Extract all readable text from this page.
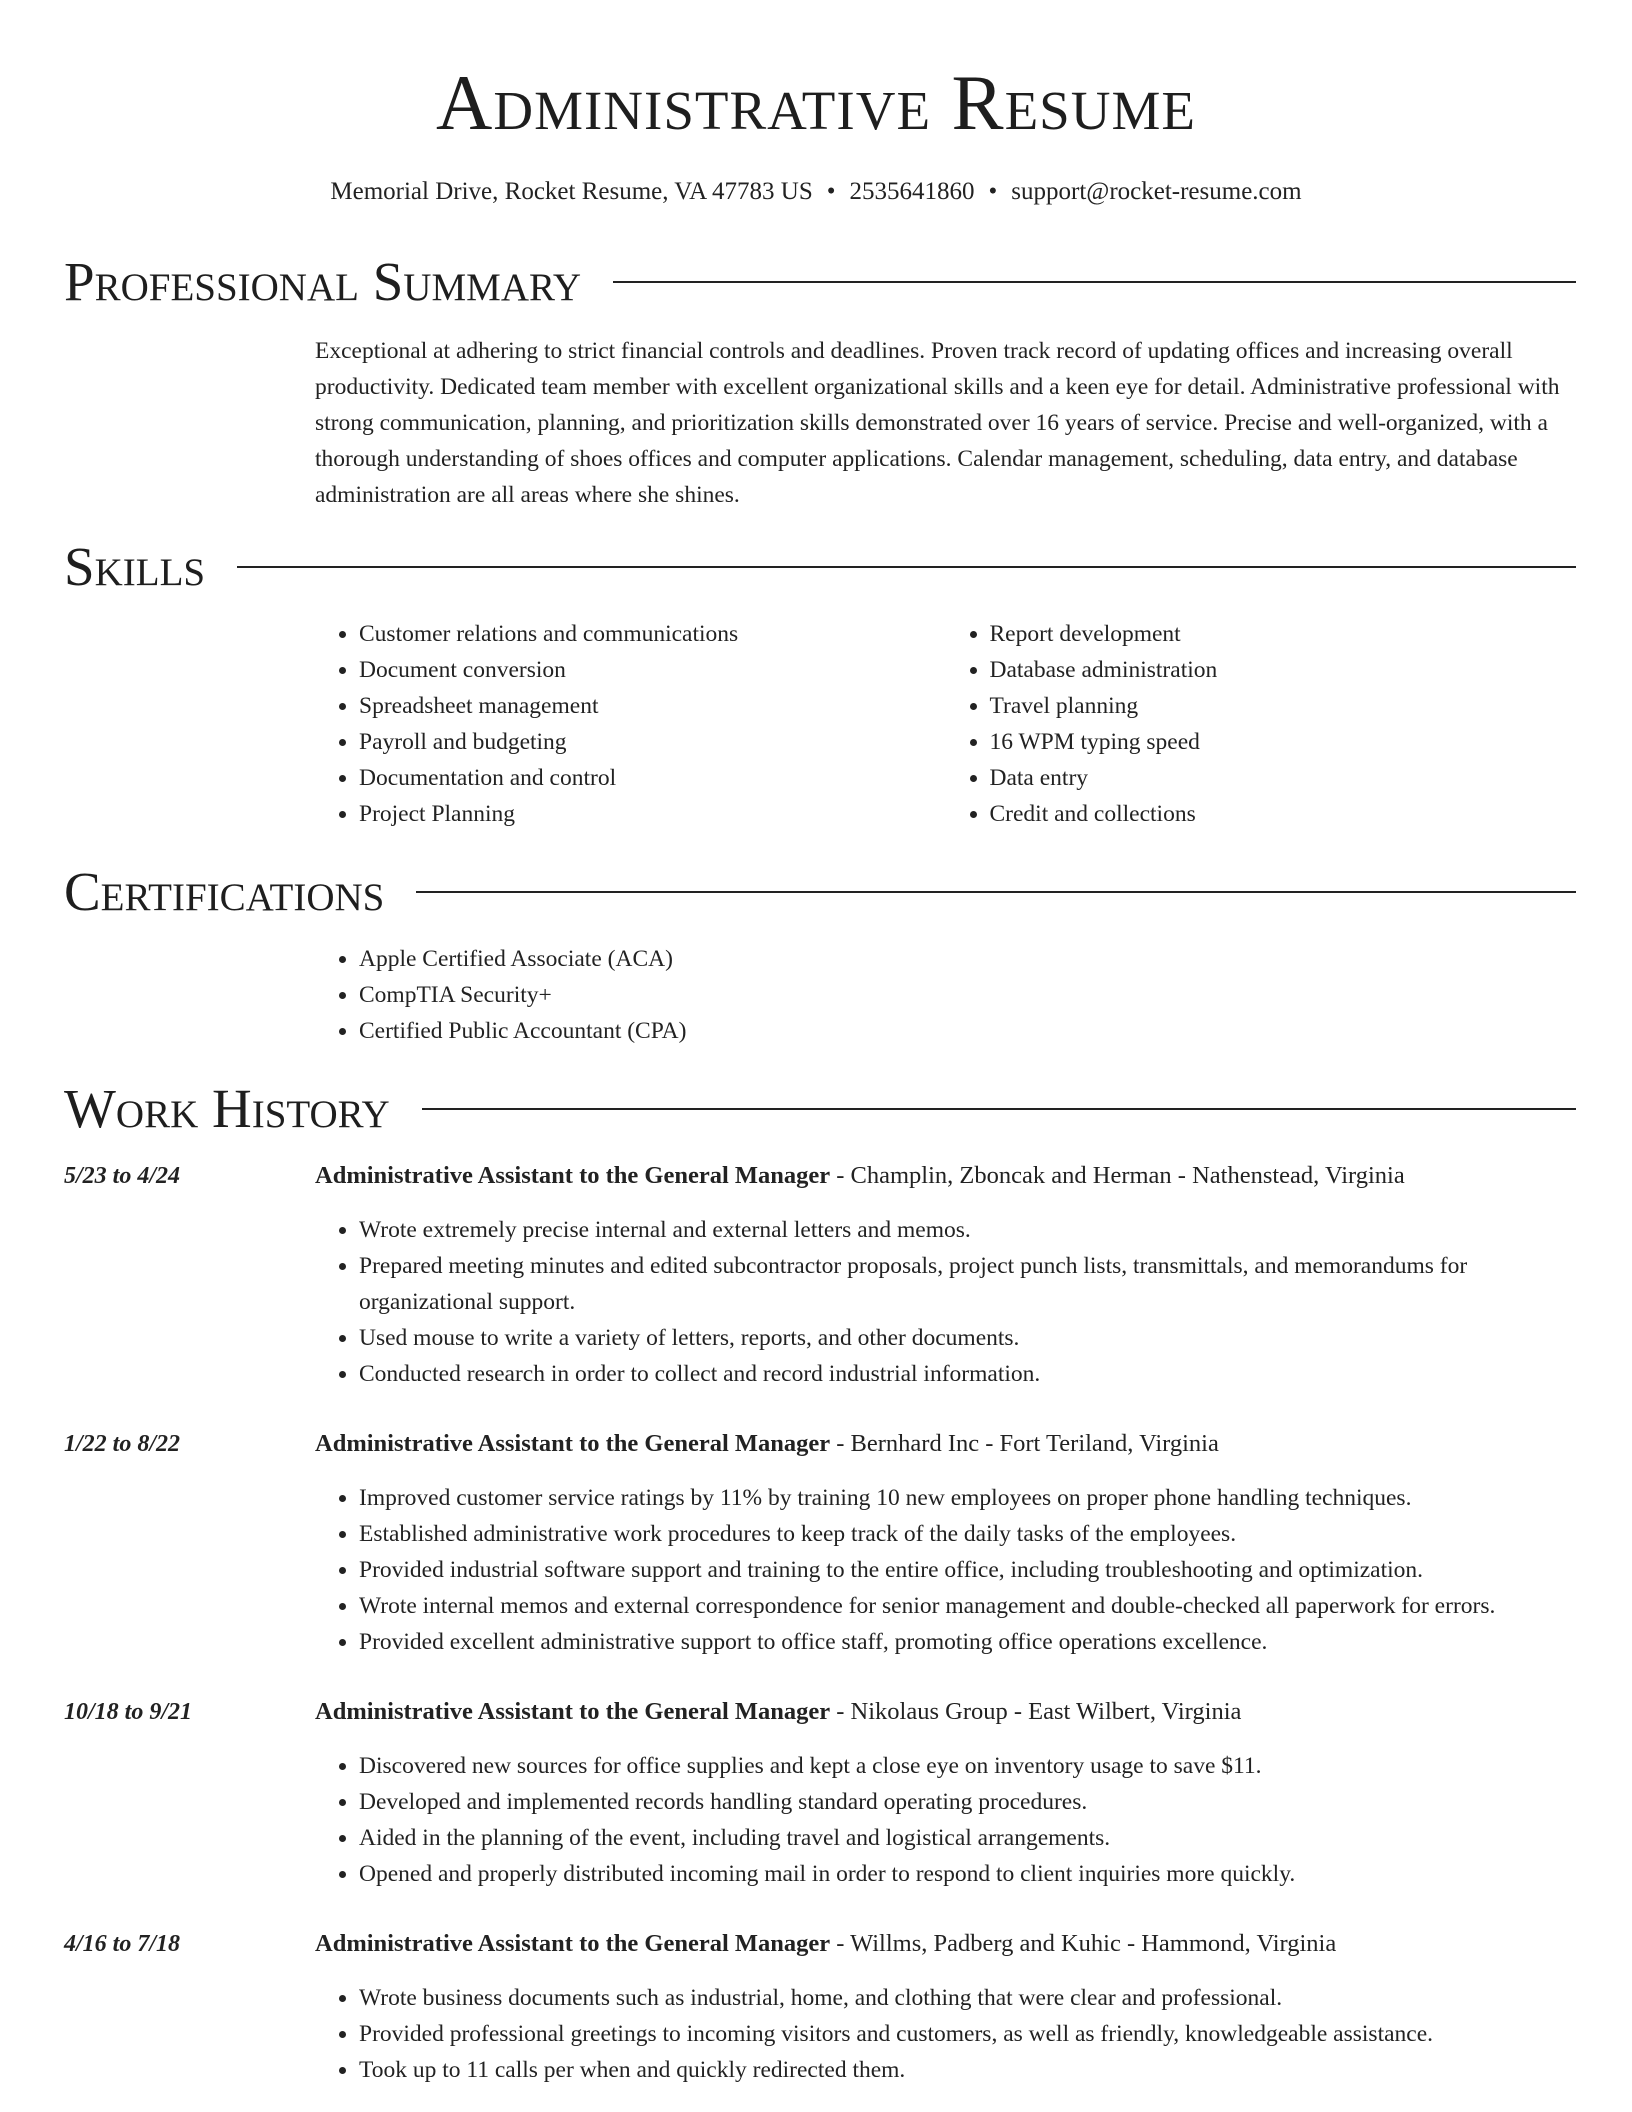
Administrative Resume
Memorial Drive, Rocket Resume, VA 47783 US • 2535641860 • support@rocket-resume.com
Professional Summary

Exceptional at adhering to strict financial controls and deadlines. Proven track record of updating offices and increasing overall productivity. Dedicated team member with excellent organizational skills and a keen eye for detail. Administrative professional with strong communication, planning, and prioritization skills demonstrated over 16 years of service. Precise and well-organized, with a thorough understanding of shoes offices and computer applications. Calendar management, scheduling, data entry, and database administration are all areas where she shines.

Skills
• Customer relations and communications
• Document conversion
• Spreadsheet management
• Payroll and budgeting
• Documentation and control
• Project Planning
• Report development
• Database administration
• Travel planning
• 16 WPM typing speed
• Data entry
• Credit and collections
Certifications
• Apple Certified Associate (ACA)
• CompTIA Security+
• Certified Public Accountant (CPA)
Work History
5/23 to 4/24	Administrative Assistant to the General Manager - Champlin, Zboncak and Herman - Nathenstead, Virginia
• Wrote extremely precise internal and external letters and memos.
• Prepared meeting minutes and edited subcontractor proposals, project punch lists, transmittals, and memorandums for organizational support.
• Used mouse to write a variety of letters, reports, and other documents.
• Conducted research in order to collect and record industrial information.
1/22 to 8/22	Administrative Assistant to the General Manager - Bernhard Inc - Fort Teriland, Virginia
• Improved customer service ratings by 11% by training 10 new employees on proper phone handling techniques.
• Established administrative work procedures to keep track of the daily tasks of the employees.
• Provided industrial software support and training to the entire office, including troubleshooting and optimization.
• Wrote internal memos and external correspondence for senior management and double-checked all paperwork for errors.
• Provided excellent administrative support to office staff, promoting office operations excellence.
10/18 to 9/21	Administrative Assistant to the General Manager - Nikolaus Group - East Wilbert, Virginia
• Discovered new sources for office supplies and kept a close eye on inventory usage to save $11.
• Developed and implemented records handling standard operating procedures.
• Aided in the planning of the event, including travel and logistical arrangements.
• Opened and properly distributed incoming mail in order to respond to client inquiries more quickly.
4/16 to 7/18	Administrative Assistant to the General Manager - Willms, Padberg and Kuhic - Hammond, Virginia
• Wrote business documents such as industrial, home, and clothing that were clear and professional.
• Provided professional greetings to incoming visitors and customers, as well as friendly, knowledgeable assistance.
• Took up to 11 calls per when and quickly redirected them.
